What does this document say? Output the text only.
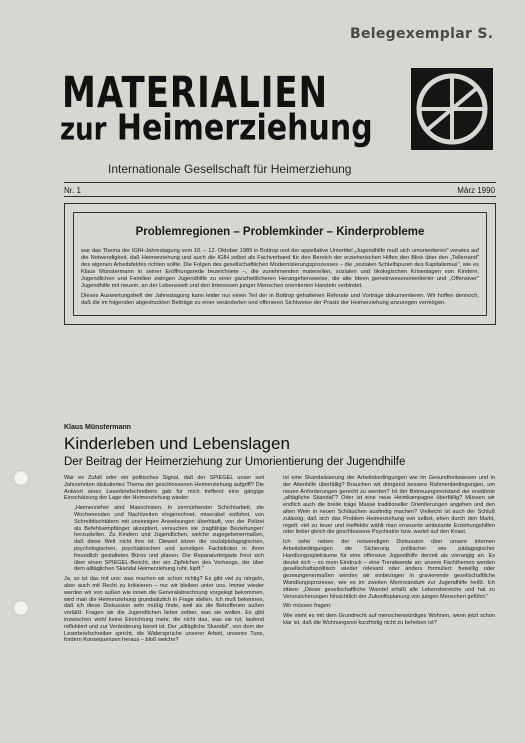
Belegexemplar S.
MATERIALIEN
zur Heimerziehung
Internationale Gesellschaft für Heimerziehung
Nr. 1	März 1990
Problemregionen – Problemkinder – Kinderprobleme

war das Thema der IGfH-Jahrestagung vom 10. – 12. Oktober 1989 in Bottrop und der appellative Untertitel „Jugendhilfe muß sich umorientieren" verwies auf die Notwendigkeit, daß Heimerziehung und auch die IGfH selbst als Fachverband für den Bereich der erzieherischen Hilfen den Blick über den „Tellerrand" des eigenen Arbeitsfeldes richten sollte. Die Folgen des gesellschaftlichen Modernisierungsprozesses – die „sozialen Schleifspuren des Kapitalismus", wie es Klaus Münstermann in seiner Eröffnungsrede bezeichnete –, die zunehmenden materiellen, sozialen und ökologischen Krisenlagen von Kindern, Jugendlichen und Familien zwingen Jugendhilfe zu einer ganzheitlicheren Herangehensweise, die alte Ideen gemeinwesenorientierter und „Offensiver" Jugendhilfe mit neuem, an der Lebenswelt und den Interessen junger Menschen orientierten Handeln verbindet.

Dieses Auswertungsheft der Jahrestagung kann leider nur einen Teil der in Bottrop gehaltenen Referate und Vorträge dokumentieren. Wir hoffen dennoch, daß die im folgenden abgedruckten Beiträge zu einer veränderten und offeneren Sichtweise der Praxis der Heimerziehung anzuregen vermögen.

Klaus Münstermann
Kinderleben und Lebenslagen
Der Beitrag der Heimerziehung zur Umorientierung der Jugendhilfe

War es Zufall oder ein politisches Signal, daß der SPIEGEL unser seit Jahrzehnten diskutiertes Thema der geschlossenen Heimerziehung aufgriff? Die Antwort eines Leserbriefschreibers gab für mich treffend eine gängige Einschätzung der Lage der Heimerziehung wieder:

„Heimerzieher sind Masochisten. In zermürbender Schichtarbeit, die Wochenenden und Nachtzeiten eingerechnet, miserabel entlohnt, von Schreibtischtätern mit unsinnigen Anweisungen überhäuft, von der Polizei als Befehlsempfänger akzeptiert, versuchen sie ‚tragfähige Beziehungen' herzustellen. Zu Kindern und Jugendlichen, welche zugegebenermaßen, daß diese Welt nicht ihre ist. Dieweil sitzen die sozialpädagogischen, psychologischen, psychiatrischen und sonstigen Fachidioten in ihren freundlich gestalteten Büros und planen. Die Reparaturbrigade freut sich über einen SPIEGEL-Bericht, der ein Zipfelchen des Vorhangs, der über dem alltäglichen Skandal Heimerziehung ruht, lüpft."

Ja, so ist das mit uns: was machen wir schon richtig? Es gibt viel zu nörgeln, aber auch mit Recht zu kritisieren – nur wir bleiben unter uns. Immer wieder werden wir von außen wie innen die Generalabrechnung vorgelegt bekommen, wird man die Heimerziehung grundsätzlich in Frage stellen. Ich muß bekennen, daß ich diese Diskussion sehr müßig finde, weil sie die Betroffenen außen vorläßt. Fragen wir die Jugendlichen lieber selber, was sie wollen. Es gibt inzwischen wohl keine Einrichtung mehr, die nicht das, was sie tut, laufend reflektiert und zur Veränderung bereit ist. Der „alltägliche Skandal", von dem der Leserbriefschreiber spricht, die Widersprüche unserer Arbeit, unseres Tuns, fordern Konsequenzen heraus – bloß welche?

Ist eine Skandalisierung der Arbeitsbedingungen wie im Gesundheitswesen und in der Altenhilfe überfällig? Brauchen wir dringend bessere Rahmenbedingungen, um neuen Anforderungen gerecht zu werden? Ist der Betreuungsnotstand der erwähnte „alltägliche Skandal"? Oder ist eine neue Heimkampagne überfällig? Müssen wir endlich auch die breite träge Masse traditioneller Orientierungen angehen und den alten Wein in neuen Schläuchen ausfindig machen? Vielleicht ist auch der Schluß zulässig, daß sich das Problem Heimerziehung von selbst, eben durch den Markt, regelt: viel zu teuer und ineffektiv wählt man erneuerte ambulante Erziehungshilfen oder lieber gleich die geschlossene Psychiatrie bzw. wartet auf den Knast.

Ich sehe neben der notwendigen Diskussion über unsere internen Arbeitsbedingungen die Sicherung politischer wie pädagogischer Handlungsspielräume für eine offensive Jugendhilfe derzeit als vorrangig an. Es deutet sich – so mein Eindruck – eine Trendwende an: unsere Fachthemen werden gesellschaftspolitisch wieder relevant oder anders formuliert: freiwillig oder gezwungenermaßen werden wir einbezogen in gravierende gesellschaftliche Wandlungsprozesse, wie es im zweiten Memorandum zur Jugendhilfe heißt. Ich zitiere: „Dieser gesellschaftliche Wandel erfaßt alle Lebensbereiche und hat zu Verunsicherungen hinsichtlich der Zukunftsplanung von jungen Menschen geführt."

Wir müssen fragen:

Wie steht es mit dem Grundrecht auf menschenwürdiges Wohnen, wenn jetzt schon klar ist, daß die Wohnungsnot kurzfristig nicht zu beheben ist?
